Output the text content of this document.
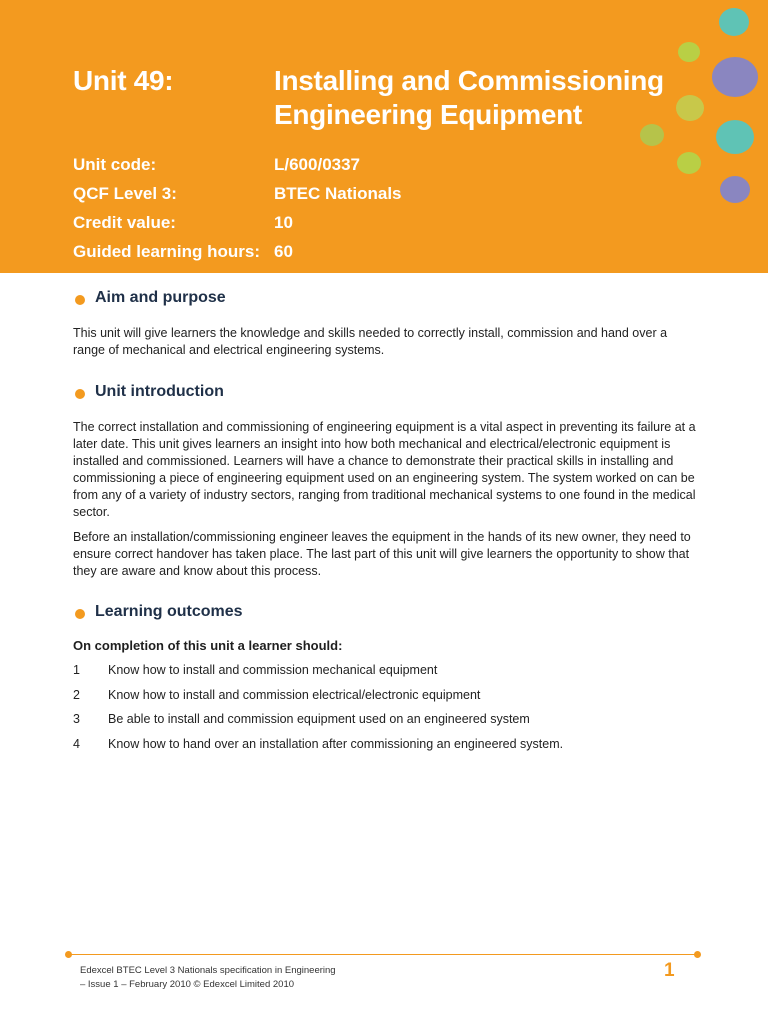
Unit 49:	Installing and Commissioning
Engineering Equipment
Unit code:	L/600/0337
QCF Level 3:	BTEC Nationals
Credit value:	10
Guided learning hours: 60
Aim and purpose

This unit will give learners the knowledge and skills needed to correctly install, commission and hand over a range of mechanical and electrical engineering systems.

Unit introduction

The correct installation and commissioning of engineering equipment is a vital aspect in preventing its failure at a later date. This unit gives learners an insight into how both mechanical and electrical/electronic equipment is installed and commissioned. Learners will have a chance to demonstrate their practical skills in installing and commissioning a piece of engineering equipment used on an engineering system. The system worked on can be from any of a variety of industry sectors, ranging from traditional mechanical systems to one found in the medical sector.

Before an installation/commissioning engineer leaves the equipment in the hands of its new owner, they need to ensure correct handover has taken place. The last part of this unit will give learners the opportunity to show that they are aware and know about this process.

Learning outcomes
On completion of this unit a learner should:
1 Know how to install and commission mechanical equipment
2 Know how to install and commission electrical/electronic equipment
3 Be able to install and commission equipment used on an engineered system
4 Know how to hand over an installation after commissioning an engineered system.
Edexcel BTEC Level 3 Nationals specification in Engineering
– Issue 1 – February 2010 © Edexcel Limited 2010
1
